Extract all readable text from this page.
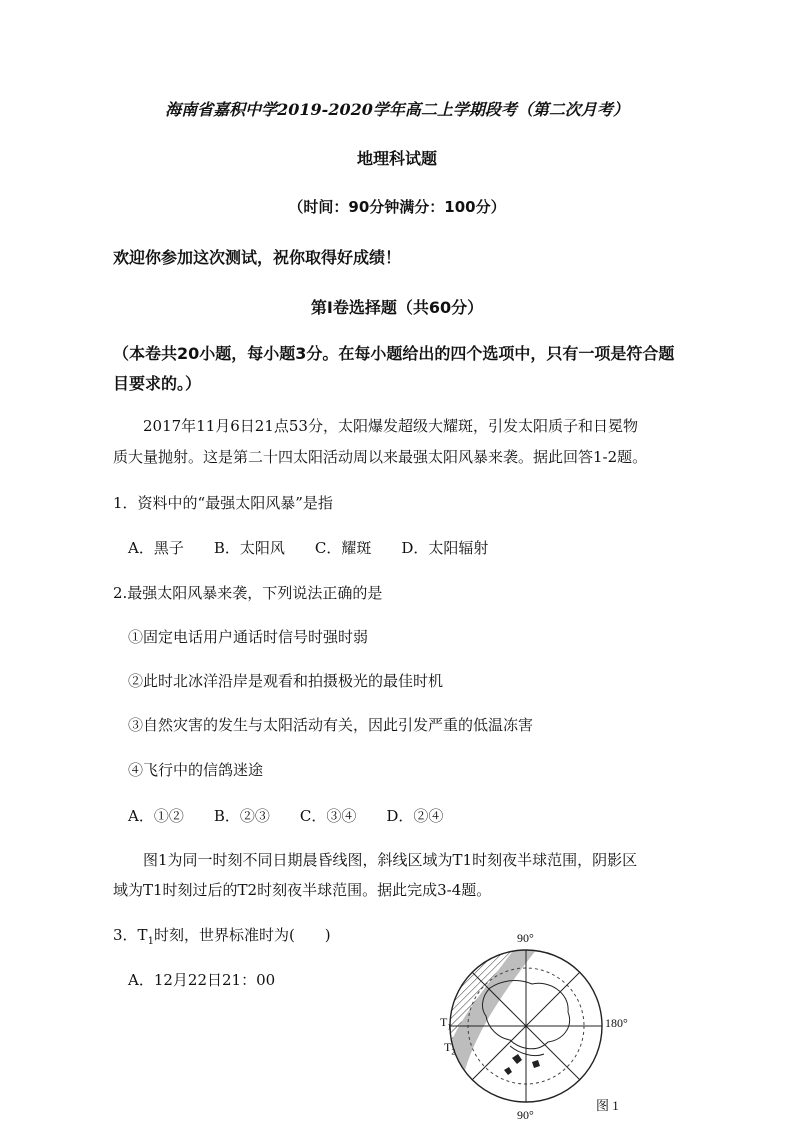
海南省嘉积中学2019-2020学年高二上学期段考（第二次月考）
地理科试题
（时间：90分钟满分：100分）
欢迎你参加这次测试，祝你取得好成绩！
第Ⅰ卷选择题（共60分）
（本卷共20小题，每小题3分。在每小题给出的四个选项中，只有一项是符合题
目要求的。）
2017年11月6日21点53分，太阳爆发超级大耀斑，引发太阳质子和日冕物
质大量抛射。这是第二十四太阳活动周以来最强太阳风暴来袭。据此回答1-2题。
1．资料中的“最强太阳风暴”是指
A．黑子　　B．太阳风　　C．耀斑　　D．太阳辐射
2.最强太阳风暴来袭，下列说法正确的是
①固定电话用户通话时信号时强时弱
②此时北冰洋沿岸是观看和拍摄极光的最佳时机
③自然灾害的发生与太阳活动有关，因此引发严重的低温冻害
④飞行中的信鸽迷途
A．①②　　B．②③　　C．③④　　D．②④
图1为同一时刻不同日期晨昏线图，斜线区域为T1时刻夜半球范围，阴影区
域为T1时刻过后的T2时刻夜半球范围。据此完成3-4题。
3．$T_1$时刻，世界标准时为(　　)
A．12月22日21：00
90°
90°
180°
$T_1$
$T_2$
图 1
